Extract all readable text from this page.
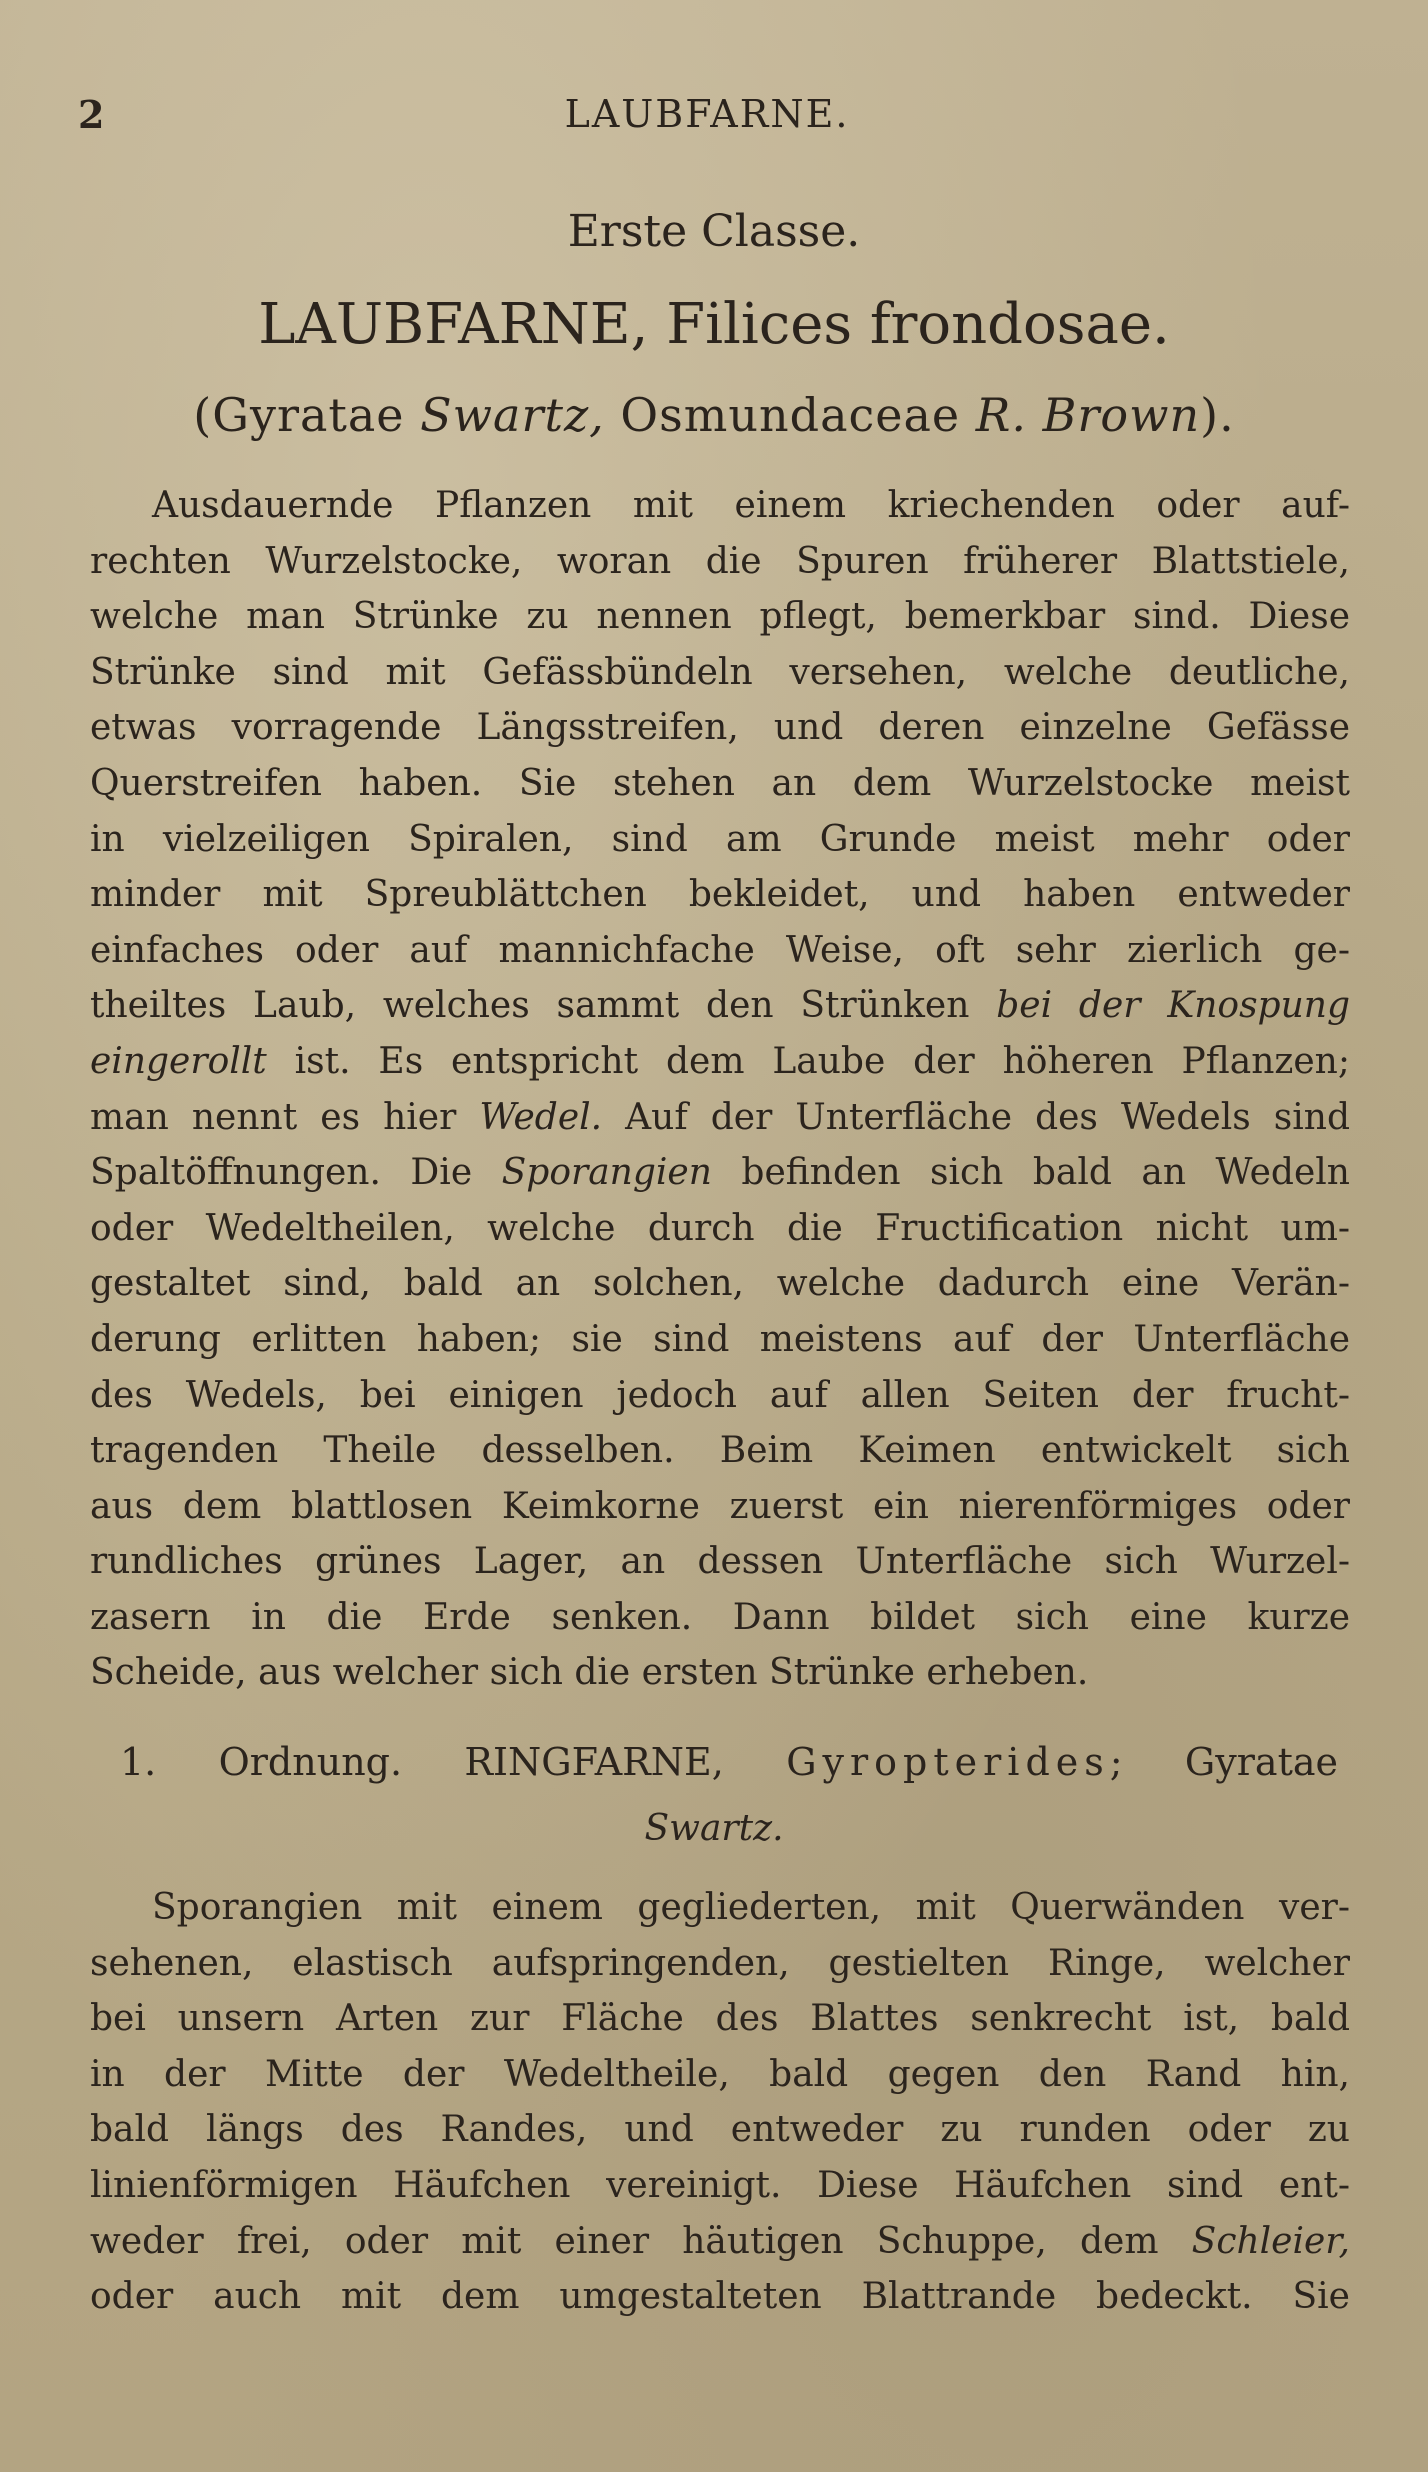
2	LAUBFARNE.
Erste Classe.
LAUBFARNE, Filices frondosae.
(Gyratae Swartz, Osmundaceae R. Brown).
Ausdauernde Pflanzen mit einem kriechenden oder auf-
rechten Wurzelstocke, woran die Spuren früherer Blattstiele,
welche man Strünke zu nennen pflegt, bemerkbar sind. Diese
Strünke sind mit Gefässbündeln versehen, welche deutliche,
etwas vorragende Längsstreifen, und deren einzelne Gefässe
Querstreifen haben. Sie stehen an dem Wurzelstocke meist
in vielzeiligen Spiralen, sind am Grunde meist mehr oder
minder mit Spreublättchen bekleidet, und haben entweder
einfaches oder auf mannichfache Weise, oft sehr zierlich ge-
theiltes Laub, welches sammt den Strünken bei der Knospung
eingerollt ist. Es entspricht dem Laube der höheren Pflanzen;
man nennt es hier Wedel. Auf der Unterfläche des Wedels sind
Spaltöffnungen. Die Sporangien befinden sich bald an Wedeln
oder Wedeltheilen, welche durch die Fructification nicht um-
gestaltet sind, bald an solchen, welche dadurch eine Verän-
derung erlitten haben; sie sind meistens auf der Unterfläche
des Wedels, bei einigen jedoch auf allen Seiten der frucht-
tragenden Theile desselben. Beim Keimen entwickelt sich
aus dem blattlosen Keimkorne zuerst ein nierenförmiges oder
rundliches grünes Lager, an dessen Unterfläche sich Wurzel-
zasern in die Erde senken. Dann bildet sich eine kurze
Scheide, aus welcher sich die ersten Strünke erheben.
1. Ordnung. RINGFARNE, Gyropterides; Gyratae
Swartz.
Sporangien mit einem gegliederten, mit Querwänden ver-
sehenen, elastisch aufspringenden, gestielten Ringe, welcher
bei unsern Arten zur Fläche des Blattes senkrecht ist, bald
in der Mitte der Wedeltheile, bald gegen den Rand hin,
bald längs des Randes, und entweder zu runden oder zu
linienförmigen Häufchen vereinigt. Diese Häufchen sind ent-
weder frei, oder mit einer häutigen Schuppe, dem Schleier,
oder auch mit dem umgestalteten Blattrande bedeckt. Sie
